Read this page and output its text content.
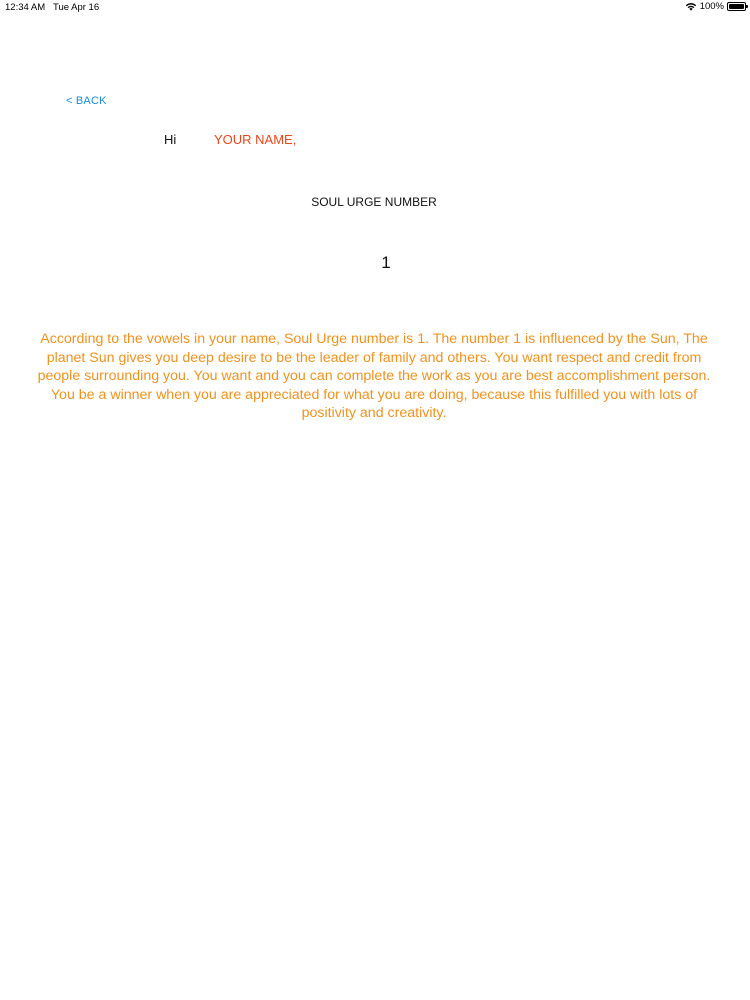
12:34 AM Tue Apr 16	100%
< BACK
Hi	YOUR NAME,
SOUL URGE NUMBER
1
According to the vowels in your name, Soul Urge number is 1. The number 1 is influenced by the Sun, The planet Sun gives you deep desire to be the leader of family and others. You want respect and credit from people surrounding you. You want and you can complete the work as you are best accomplishment person. You be a winner when you are appreciated for what you are doing, because this fulfilled you with lots of positivity and creativity.
